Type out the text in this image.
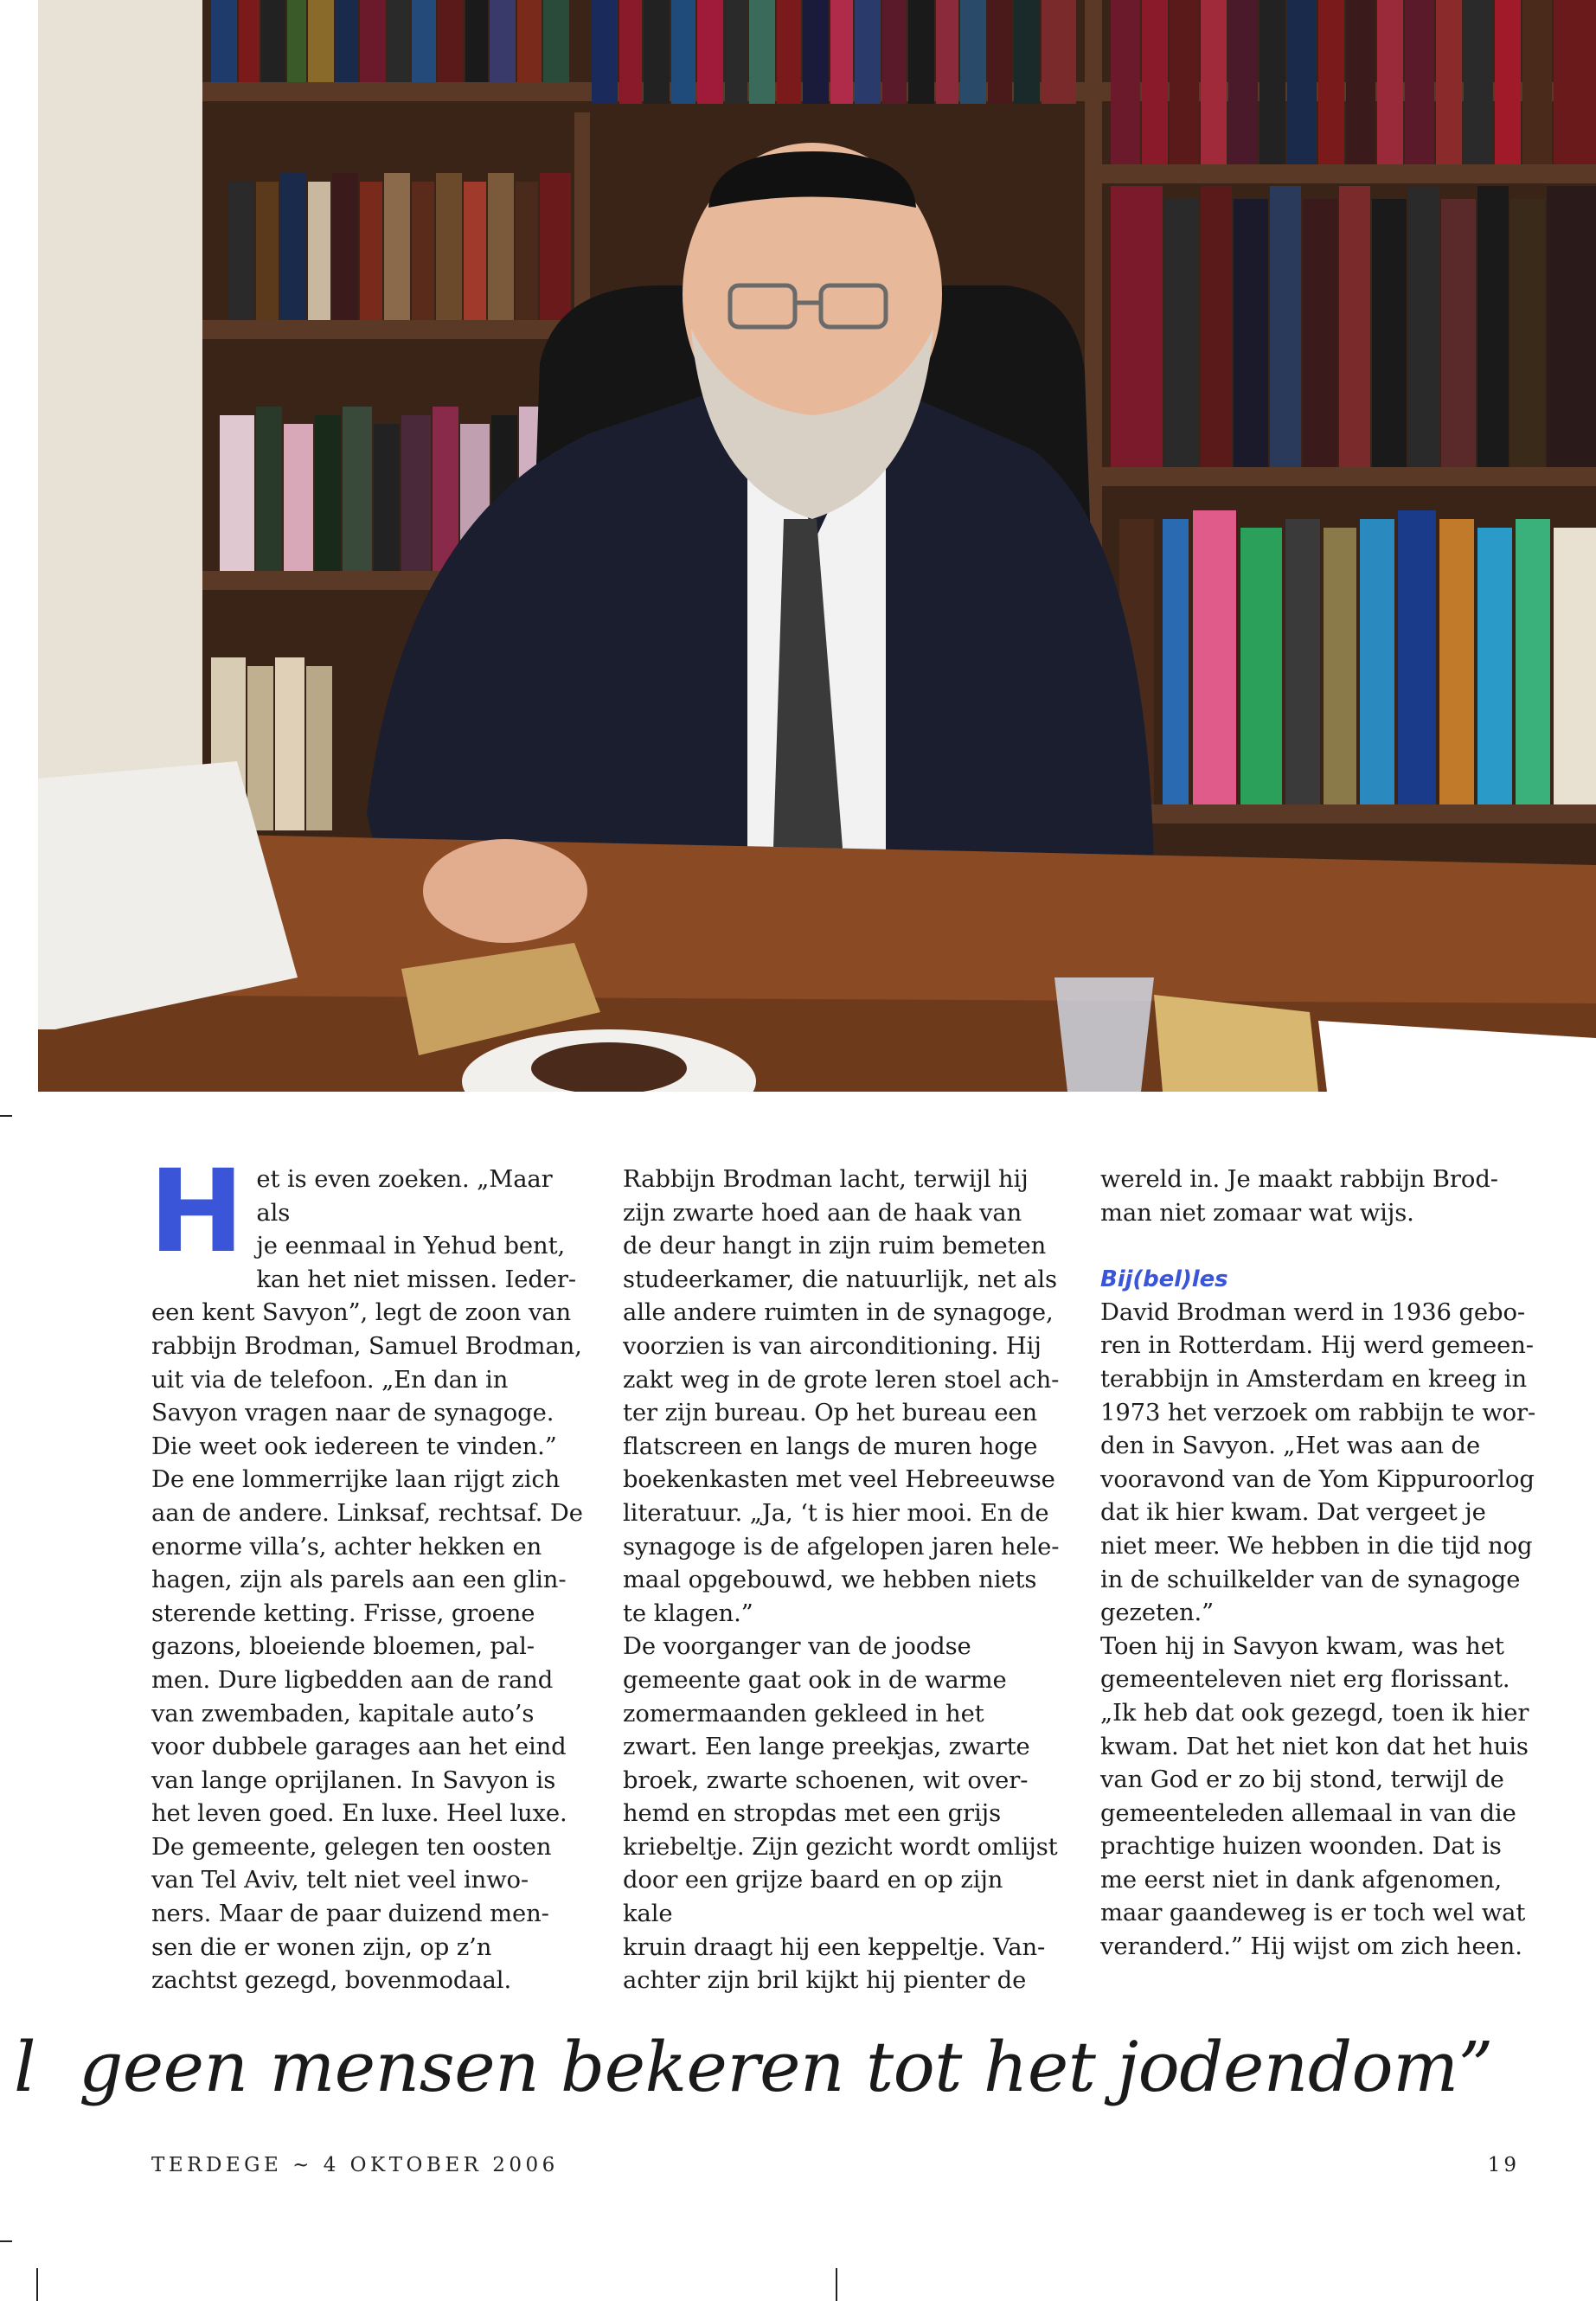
H et is even zoeken. „Maar als

je eenmaal in Yehud bent,

kan het niet missen. Ieder-

een kent Savyon”, legt de zoon van

rabbijn Brodman, Samuel Brodman,

uit via de telefoon. „En dan in

Savyon vragen naar de synagoge.

Die weet ook iedereen te vinden.”

De ene lommerrijke laan rijgt zich

aan de andere. Linksaf, rechtsaf. De

enorme villa’s, achter hekken en

hagen, zijn als parels aan een glin-

sterende ketting. Frisse, groene

gazons, bloeiende bloemen, pal-

men. Dure ligbedden aan de rand

van zwembaden, kapitale auto’s

voor dubbele garages aan het eind

van lange oprijlanen. In Savyon is

het leven goed. En luxe. Heel luxe.

De gemeente, gelegen ten oosten

van Tel Aviv, telt niet veel inwo-

ners. Maar de paar duizend men-

sen die er wonen zijn, op z’n

zachtst gezegd, bovenmodaal.

Rabbijn Brodman lacht, terwijl hij

zijn zwarte hoed aan de haak van

de deur hangt in zijn ruim bemeten

studeerkamer, die natuurlijk, net als

alle andere ruimten in de synagoge,

voorzien is van airconditioning. Hij

zakt weg in de grote leren stoel ach-

ter zijn bureau. Op het bureau een

flatscreen en langs de muren hoge

boekenkasten met veel Hebreeuwse

literatuur. „Ja, ‘t is hier mooi. En de

synagoge is de afgelopen jaren hele-

maal opgebouwd, we hebben niets

te klagen.”

De voorganger van de joodse

gemeente gaat ook in de warme

zomermaanden gekleed in het

zwart. Een lange preekjas, zwarte

broek, zwarte schoenen, wit over-

hemd en stropdas met een grijs

kriebeltje. Zijn gezicht wordt omlijst

door een grijze baard en op zijn kale

kruin draagt hij een keppeltje. Van-

achter zijn bril kijkt hij pienter de

wereld in. Je maakt rabbijn Brod-

man niet zomaar wat wijs.

Bij(bel)les

David Brodman werd in 1936 gebo-

ren in Rotterdam. Hij werd gemeen-

terabbijn in Amsterdam en kreeg in

1973 het verzoek om rabbijn te wor-

den in Savyon. „Het was aan de

vooravond van de Yom Kippuroorlog

dat ik hier kwam. Dat vergeet je

niet meer. We hebben in die tijd nog

in de schuilkelder van de synagoge

gezeten.”

Toen hij in Savyon kwam, was het

gemeenteleven niet erg florissant.

„Ik heb dat ook gezegd, toen ik hier

kwam. Dat het niet kon dat het huis

van God er zo bij stond, terwijl de

gemeenteleden allemaal in van die

prachtige huizen woonden. Dat is

me eerst niet in dank afgenomen,

maar gaandeweg is er toch wel wat

veranderd.” Hij wijst om zich heen.

l geen mensen bekeren tot het jodendom”
TERDEGE ~ 4 OKTOBER 2006	19
